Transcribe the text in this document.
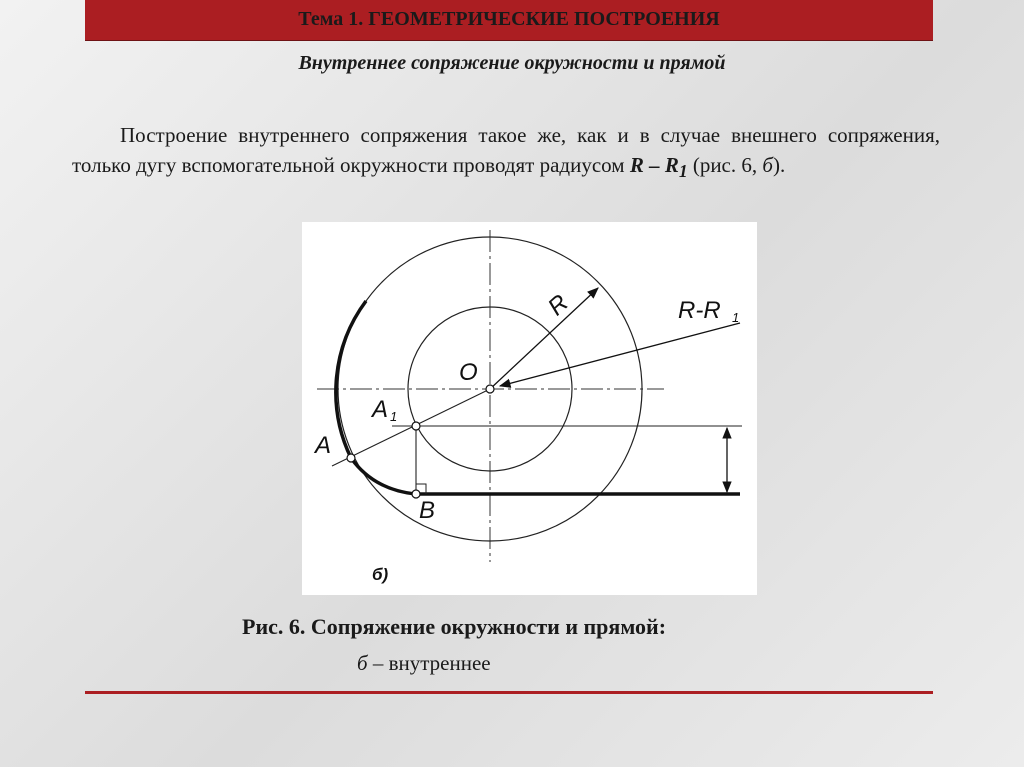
Тема 1. ГЕОМЕТРИЧЕСКИЕ ПОСТРОЕНИЯ
Внутреннее сопряжение окружности и прямой
Построение внутреннего сопряжения такое же, как и в случае внешнего сопряжения, только дугу вспомогательной окружности проводят радиусом R – $R_1$ (рис. 6, б).
O
R	R-R 1
A 1
A
B
б)
Рис. 6. Сопряжение окружности и прямой:
б – внутреннее
